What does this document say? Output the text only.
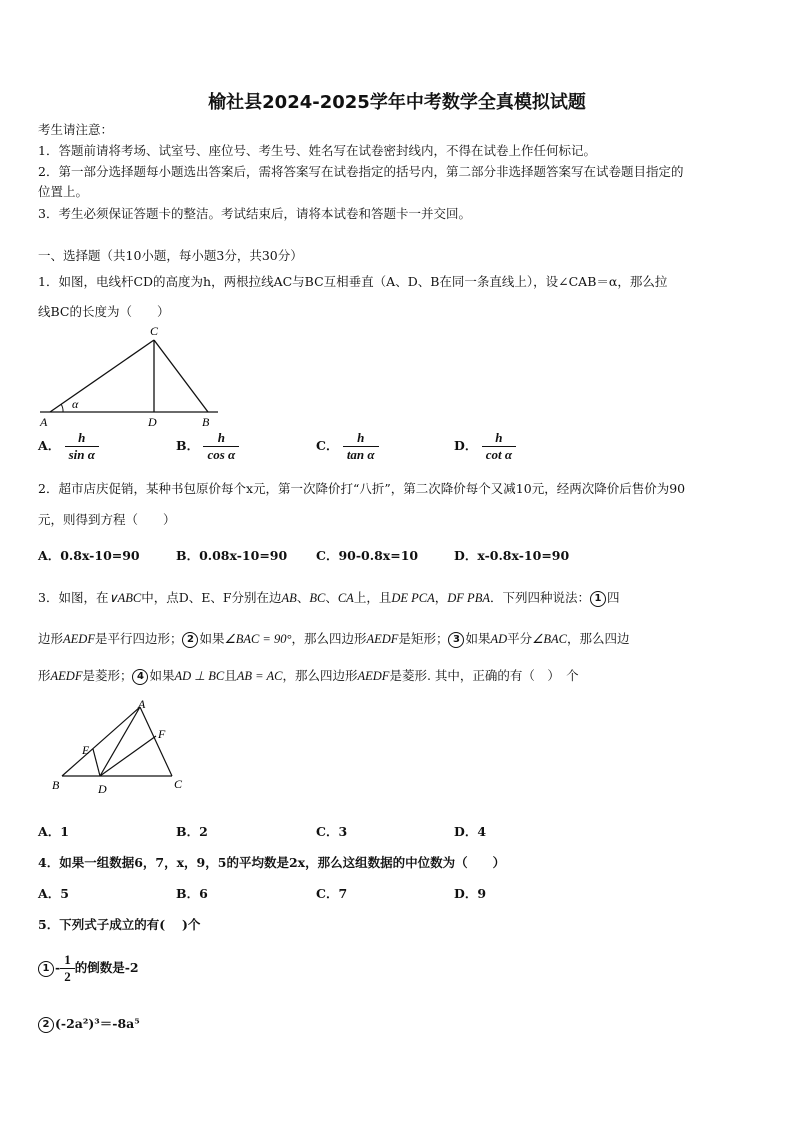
榆社县2024-2025学年中考数学全真模拟试题
考生请注意：
1．答题前请将考场、试室号、座位号、考生号、姓名写在试卷密封线内，不得在试卷上作任何标记。
2．第一部分选择题每小题选出答案后，需将答案写在试卷指定的括号内，第二部分非选择题答案写在试卷题目指定的
位置上。
3．考生必须保证答题卡的整洁。考试结束后，请将本试卷和答题卡一并交回。
一、选择题（共10小题，每小题3分，共30分）
1．如图，电线杆CD的高度为h，两根拉线AC与BC互相垂直（A、D、B在同一条直线上），设∠CAB＝α，那么拉
线BC的长度为（　　）
A	D	B
C
α
A． $\frac{h}{\text{sin α}}$	B． $\frac{h}{\text{cos α}}$	C． $\frac{h}{\text{tan α}}$	D． $\frac{h}{\text{cot α}}$
2．超市店庆促销，某种书包原价每个x元，第一次降价打“八折”，第二次降价每个又减10元，经两次降价后售价为90
元，则得到方程（　　）
A．0.8x-10=90	B．0.08x-10=90 C．90-0.8x=10	D．x-0.8x-10=90
3．如图，在∨ABC中，点D、E、F分别在边AB、BC、CA上，且DE PCA，DF PBA．下列四种说法： 1 四
边形AEDF是平行四边形； 2 如果∠BAC = 90°，那么四边形AEDF是矩形； 3 如果AD平分∠BAC，那么四边
形AEDF是菱形； 4 如果AD ⊥ BC且AB = AC，那么四边形AEDF是菱形. 其中，正确的有（　）　个
A
B	C
D
E
F
A．1	B．2	C．3	D．4
4．如果一组数据6，7，x，9，5的平均数是2x，那么这组数据的中位数为（　　）
A．5	B．6	C．7	D．9
5．下列式子成立的有(　 )个
$1 - \frac{1}{2}$ 的倒数是-2
2 (-2a²)³＝-8a⁵
